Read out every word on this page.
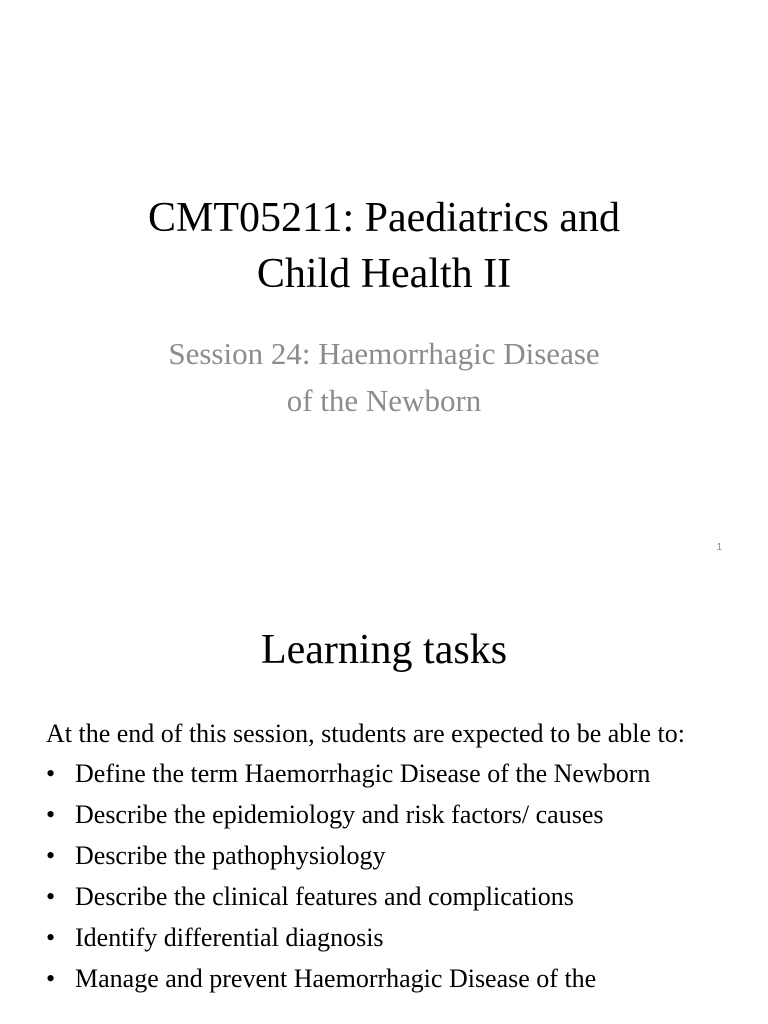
CMT05211: Paediatrics and
Child Health II
Session 24: Haemorrhagic Disease
of the Newborn
1
Learning tasks

At the end of this session, students are expected to be able to:

• Define the term Haemorrhagic Disease of the Newborn
• Describe the epidemiology and risk factors/ causes
• Describe the pathophysiology
• Describe the clinical features and complications
• Identify differential diagnosis
• Manage and prevent Haemorrhagic Disease of the
